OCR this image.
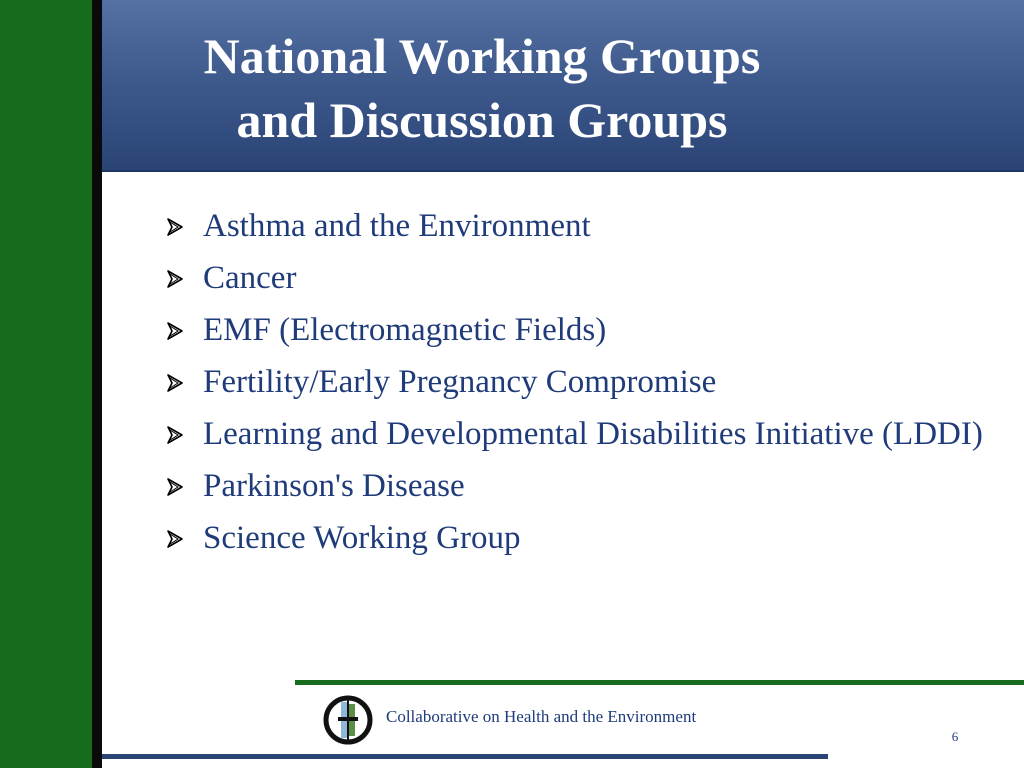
National Working Groups
and Discussion Groups
Asthma and the Environment
Cancer
EMF (Electromagnetic Fields)
Fertility/Early Pregnancy Compromise
Learning and Developmental Disabilities Initiative (LDDI)
Parkinson's Disease
Science Working Group
Collaborative on Health and the Environment
6
